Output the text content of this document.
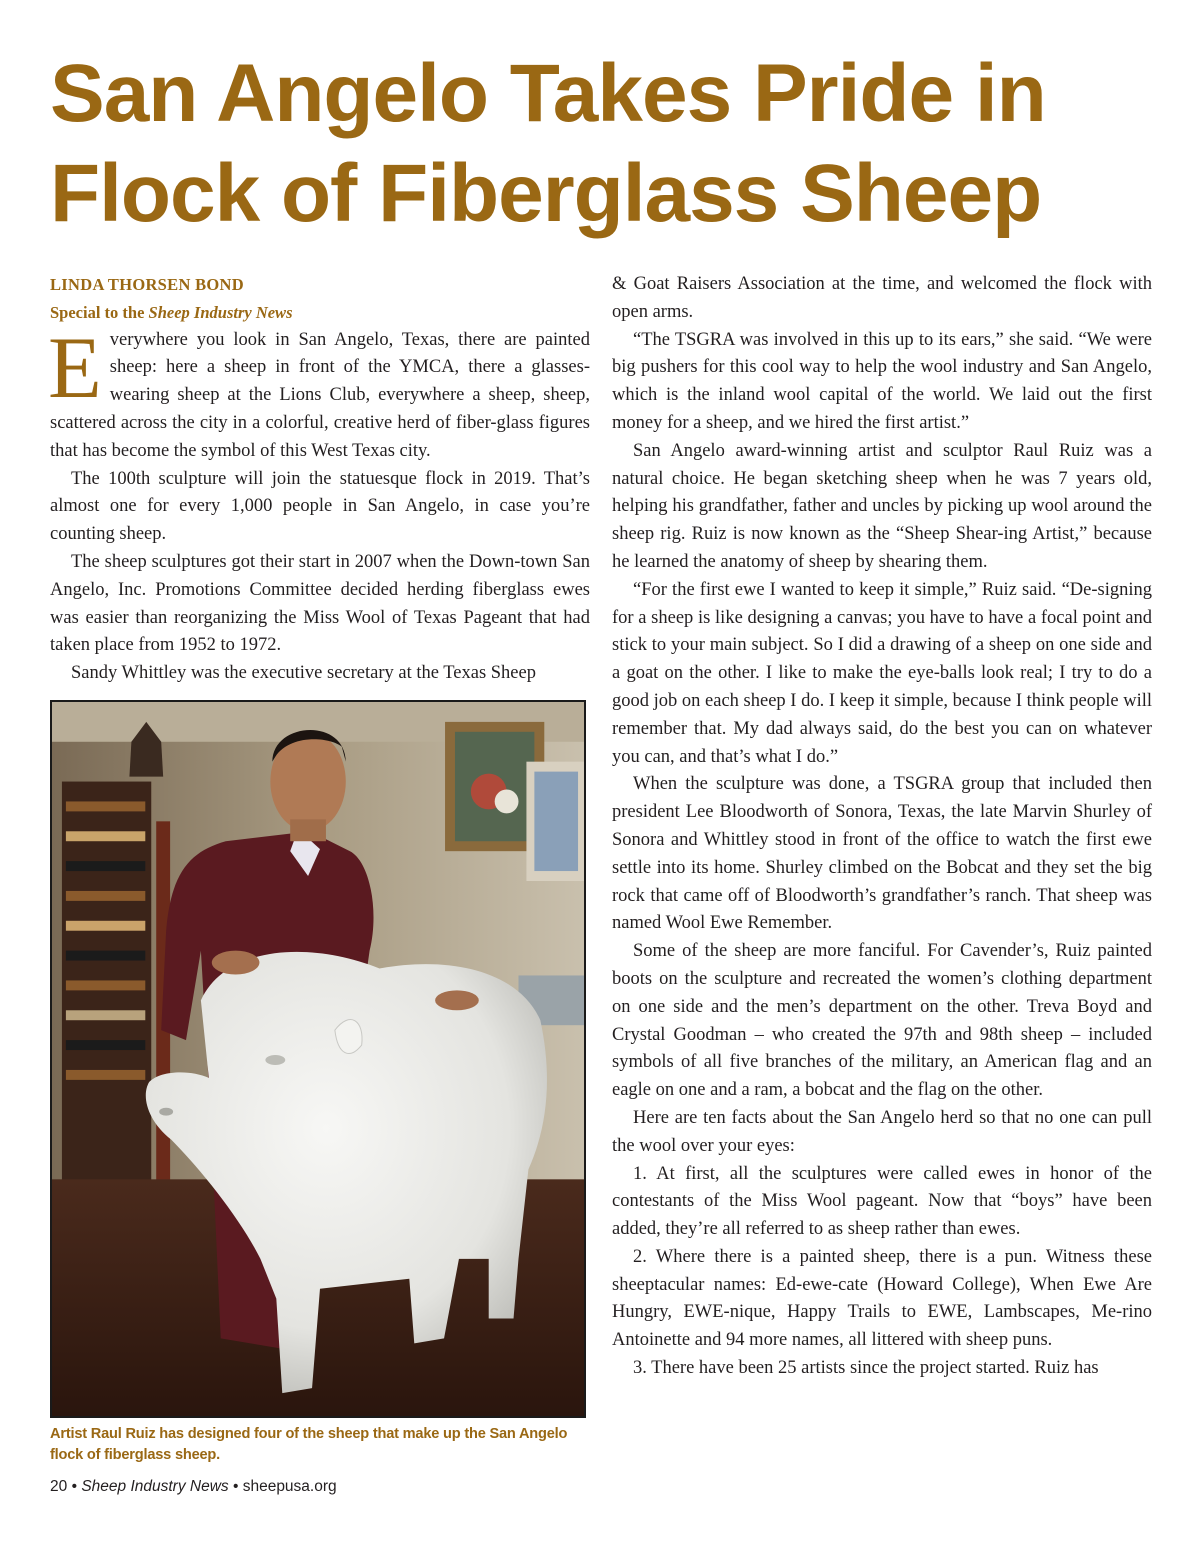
San Angelo Takes Pride in
Flock of Fiberglass Sheep
LINDA THORSEN BOND
Special to the Sheep Industry News

Everywhere you look in San Angelo, Texas, there are painted sheep: here a sheep in front of the YMCA, there a glasses-wearing sheep at the Lions Club, everywhere a sheep, sheep, scattered across the city in a colorful, creative herd of fiber-glass figures that has become the symbol of this West Texas city.

The 100th sculpture will join the statuesque flock in 2019. That’s almost one for every 1,000 people in San Angelo, in case you’re counting sheep.

The sheep sculptures got their start in 2007 when the Down-town San Angelo, Inc. Promotions Committee decided herding fiberglass ewes was easier than reorganizing the Miss Wool of Texas Pageant that had taken place from 1952 to 1972.

Sandy Whittley was the executive secretary at the Texas Sheep

Artist Raul Ruiz has designed four of the sheep that make up the San Angelo flock of fiberglass sheep.
20 • Sheep Industry News • sheepusa.org

& Goat Raisers Association at the time, and welcomed the flock with open arms.

“The TSGRA was involved in this up to its ears,” she said. “We were big pushers for this cool way to help the wool industry and San Angelo, which is the inland wool capital of the world. We laid out the first money for a sheep, and we hired the first artist.”

San Angelo award-winning artist and sculptor Raul Ruiz was a natural choice. He began sketching sheep when he was 7 years old, helping his grandfather, father and uncles by picking up wool around the sheep rig. Ruiz is now known as the “Sheep Shear-ing Artist,” because he learned the anatomy of sheep by shearing them.

“For the first ewe I wanted to keep it simple,” Ruiz said. “De-signing for a sheep is like designing a canvas; you have to have a focal point and stick to your main subject. So I did a drawing of a sheep on one side and a goat on the other. I like to make the eye-balls look real; I try to do a good job on each sheep I do. I keep it simple, because I think people will remember that. My dad always said, do the best you can on whatever you can, and that’s what I do.”

When the sculpture was done, a TSGRA group that included then president Lee Bloodworth of Sonora, Texas, the late Marvin Shurley of Sonora and Whittley stood in front of the office to watch the first ewe settle into its home. Shurley climbed on the Bobcat and they set the big rock that came off of Bloodworth’s grandfather’s ranch. That sheep was named Wool Ewe Remember.

Some of the sheep are more fanciful. For Cavender’s, Ruiz painted boots on the sculpture and recreated the women’s clothing department on one side and the men’s department on the other. Treva Boyd and Crystal Goodman – who created the 97th and 98th sheep – included symbols of all five branches of the military, an American flag and an eagle on one and a ram, a bobcat and the flag on the other.

Here are ten facts about the San Angelo herd so that no one can pull the wool over your eyes:

1. At first, all the sculptures were called ewes in honor of the contestants of the Miss Wool pageant. Now that “boys” have been added, they’re all referred to as sheep rather than ewes.

2. Where there is a painted sheep, there is a pun. Witness these sheeptacular names: Ed-ewe-cate (Howard College), When Ewe Are Hungry, EWE-nique, Happy Trails to EWE, Lambscapes, Me-rino Antoinette and 94 more names, all littered with sheep puns.

3. There have been 25 artists since the project started. Ruiz has
